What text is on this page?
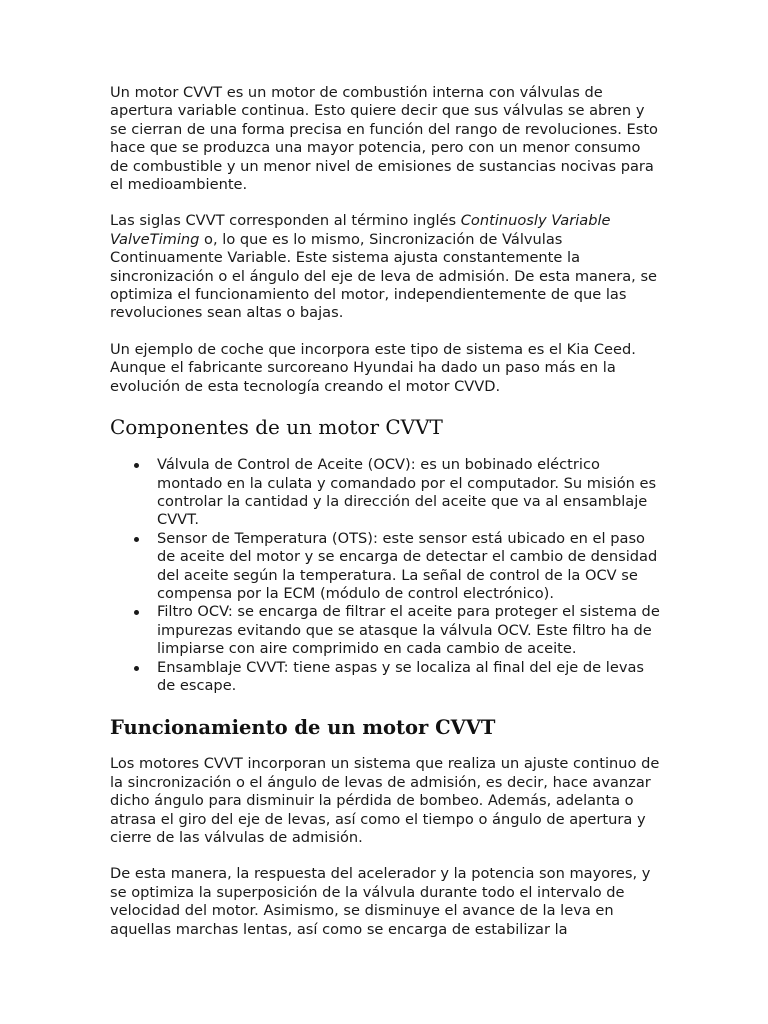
Un motor CVVT es un motor de combustión interna con válvulas de apertura variable continua. Esto quiere decir que sus válvulas se abren y se cierran de una forma precisa en función del rango de revoluciones. Esto hace que se produzca una mayor potencia, pero con un menor consumo de combustible y un menor nivel de emisiones de sustancias nocivas para el medioambiente.

Las siglas CVVT corresponden al término inglés Continuosly Variable ValveTiming o, lo que es lo mismo, Sincronización de Válvulas Continuamente Variable. Este sistema ajusta constantemente la sincronización o el ángulo del eje de leva de admisión. De esta manera, se optimiza el funcionamiento del motor, independientemente de que las revoluciones sean altas o bajas.

Un ejemplo de coche que incorpora este tipo de sistema es el Kia Ceed. Aunque el fabricante surcoreano Hyundai ha dado un paso más en la evolución de esta tecnología creando el motor CVVD.

Componentes de un motor CVVT
Válvula de Control de Aceite (OCV): es un bobinado eléctrico montado en la culata y comandado por el computador. Su misión es controlar la cantidad y la dirección del aceite que va al ensamblaje CVVT.
Sensor de Temperatura (OTS): este sensor está ubicado en el paso de aceite del motor y se encarga de detectar el cambio de densidad del aceite según la temperatura. La señal de control de la OCV se compensa por la ECM (módulo de control electrónico).
Filtro OCV: se encarga de filtrar el aceite para proteger el sistema de impurezas evitando que se atasque la válvula OCV. Este filtro ha de limpiarse con aire comprimido en cada cambio de aceite.
Ensamblaje CVVT: tiene aspas y se localiza al final del eje de levas de escape.
Funcionamiento de un motor CVVT

Los motores CVVT incorporan un sistema que realiza un ajuste continuo de la sincronización o el ángulo de levas de admisión, es decir, hace avanzar dicho ángulo para disminuir la pérdida de bombeo. Además, adelanta o atrasa el giro del eje de levas, así como el tiempo o ángulo de apertura y cierre de las válvulas de admisión.

De esta manera, la respuesta del acelerador y la potencia son mayores, y se optimiza la superposición de la válvula durante todo el intervalo de velocidad del motor. Asimismo, se disminuye el avance de la leva en aquellas marchas lentas, así como se encarga de estabilizar la
